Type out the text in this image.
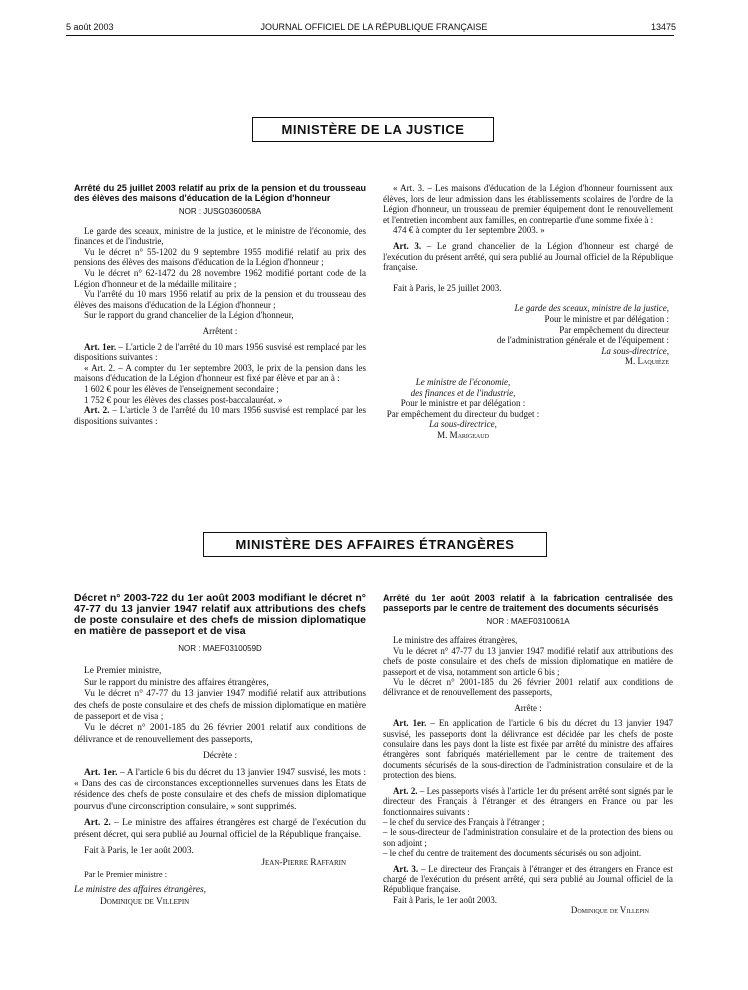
5 août 2003	JOURNAL OFFICIEL DE LA RÉPUBLIQUE FRANÇAISE	13475
MINISTÈRE DE LA JUSTICE
Arrêté du 25 juillet 2003 relatif au prix de la pension et du trousseau des élèves des maisons d'éducation de la Légion d'honneur
NOR : JUSG0360058A

Le garde des sceaux, ministre de la justice, et le ministre de l'économie, des finances et de l'industrie,

Vu le décret n° 55-1202 du 9 septembre 1955 modifié relatif au prix des pensions des élèves des maisons d'éducation de la Légion d'honneur ;

Vu le décret n° 62-1472 du 28 novembre 1962 modifié portant code de la Légion d'honneur et de la médaille militaire ;

Vu l'arrêté du 10 mars 1956 relatif au prix de la pension et du trousseau des élèves des maisons d'éducation de la Légion d'honneur ;

Sur le rapport du grand chancelier de la Légion d'honneur,

Arrêtent :

Art. 1er. – L'article 2 de l'arrêté du 10 mars 1956 susvisé est remplacé par les dispositions suivantes :

« Art. 2. – A compter du 1er septembre 2003, le prix de la pension dans les maisons d'éducation de la Légion d'honneur est fixé par élève et par an à :

1 602 € pour les élèves de l'enseignement secondaire ;

1 752 € pour les élèves des classes post-baccalauréat. »

Art. 2. – L'article 3 de l'arrêté du 10 mars 1956 susvisé est remplacé par les dispositions suivantes :

« Art. 3. – Les maisons d'éducation de la Légion d'honneur fournissent aux élèves, lors de leur admission dans les établissements scolaires de l'ordre de la Légion d'honneur, un trousseau de premier équipement dont le renouvellement et l'entretien incombent aux familles, en contrepartie d'une somme fixée à :

474 € à compter du 1er septembre 2003. »

Art. 3. – Le grand chancelier de la Légion d'honneur est chargé de l'exécution du présent arrêté, qui sera publié au Journal officiel de la République française.

Fait à Paris, le 25 juillet 2003.

Le garde des sceaux, ministre de la justice,

Pour le ministre et par délégation :

Par empêchement du directeur

de l'administration générale et de l'équipement :

La sous-directrice,

M. Laquièze

Le ministre de l'économie,

des finances et de l'industrie,

Pour le ministre et par délégation :

Par empêchement du directeur du budget :

La sous-directrice,

M. Marigeaud

MINISTÈRE DES AFFAIRES ÉTRANGÈRES
Décret n° 2003-722 du 1er août 2003 modifiant le décret n° 47-77 du 13 janvier 1947 relatif aux attributions des chefs de poste consulaire et des chefs de mission diplomatique en matière de passeport et de visa
NOR : MAEF0310059D

Le Premier ministre,

Sur le rapport du ministre des affaires étrangères,

Vu le décret n° 47-77 du 13 janvier 1947 modifié relatif aux attributions des chefs de poste consulaire et des chefs de mission diplomatique en matière de passeport et de visa ;

Vu le décret n° 2001-185 du 26 février 2001 relatif aux conditions de délivrance et de renouvellement des passeports,

Décrète :

Art. 1er. – A l'article 6 bis du décret du 13 janvier 1947 susvisé, les mots : « Dans des cas de circonstances exceptionnelles survenues dans les Etats de résidence des chefs de poste consulaire et des chefs de mission diplomatique pourvus d'une circonscription consulaire, » sont supprimés.

Art. 2. – Le ministre des affaires étrangères est chargé de l'exécution du présent décret, qui sera publié au Journal officiel de la République française.

Fait à Paris, le 1er août 2003.

Jean-Pierre Raffarin

Par le Premier ministre :

Le ministre des affaires étrangères,

Dominique de Villepin

Arrêté du 1er août 2003 relatif à la fabrication centralisée des passeports par le centre de traitement des documents sécurisés
NOR : MAEF0310061A

Le ministre des affaires étrangères,

Vu le décret n° 47-77 du 13 janvier 1947 modifié relatif aux attributions des chefs de poste consulaire et des chefs de mission diplomatique en matière de passeport et de visa, notamment son article 6 bis ;

Vu le décret n° 2001-185 du 26 février 2001 relatif aux conditions de délivrance et de renouvellement des passeports,

Arrête :

Art. 1er. – En application de l'article 6 bis du décret du 13 janvier 1947 susvisé, les passeports dont la délivrance est décidée par les chefs de poste consulaire dans les pays dont la liste est fixée par arrêté du ministre des affaires étrangères sont fabriqués matériellement par le centre de traitement des documents sécurisés de la sous-direction de l'administration consulaire et de la protection des biens.

Art. 2. – Les passeports visés à l'article 1er du présent arrêté sont signés par le directeur des Français à l'étranger et des étrangers en France ou par les fonctionnaires suivants :

– le chef du service des Français à l'étranger ;

– le sous-directeur de l'administration consulaire et de la protection des biens ou son adjoint ;

– le chef du centre de traitement des documents sécurisés ou son adjoint.

Art. 3. – Le directeur des Français à l'étranger et des étrangers en France est chargé de l'exécution du présent arrêté, qui sera publié au Journal officiel de la République française.

Fait à Paris, le 1er août 2003.

Dominique de Villepin
